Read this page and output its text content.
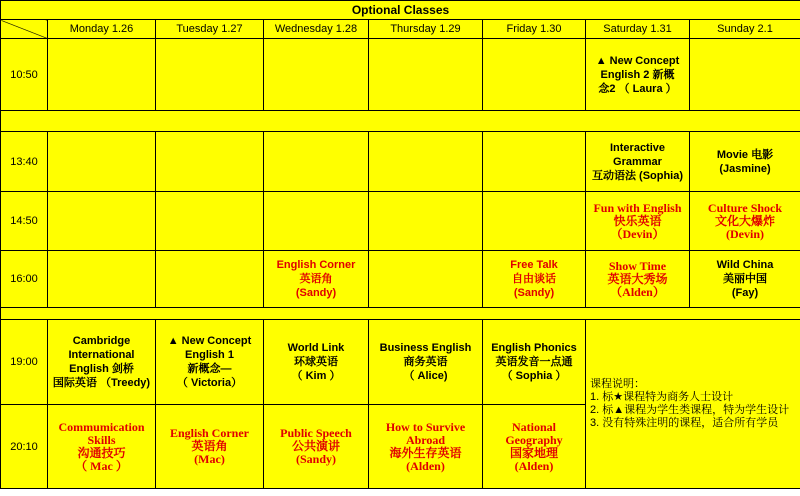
Optional Classes							
	Monday 1.26	Tuesday 1.27	Wednesday 1.28	Thursday 1.29	Friday 1.30	Saturday 1.31	Sunday 2.1
10:50						▲ New Concept
English 2 新概
念2 （ Laura ）	

13:40						Interactive
Grammar
互动语法 (Sophia)	Movie 电影
(Jasmine)

14:50						Fun with English
快乐英语
（Devin）	Culture Shock
文化大爆炸
(Devin)

16:00			English Corner
英语角
(Sandy)		Free Talk
自由谈话
(Sandy)	Show Time
英语大秀场
（Alden）	Wild China
美丽中国
(Fay)

19:00	Cambridge
International
English 剑桥
国际英语 （Treedy)	▲ New Concept
English 1
新概念—
（ Victoria）	World Link
环球英语
（ Kim ）	Business English
商务英语
（ Alice)	English Phonics
英语发音一点通
（ Sophia ）	课程说明：
1. 标★课程特为商务人士设计
2. 标▲课程为学生类课程，特为学生设计
3. 没有特殊注明的课程，适合所有学员	

20:10	Commumication
Skills
沟通技巧
（ Mac ）	English Corner
英语角
(Mac)	Public Speech
公共演讲
(Sandy)	How to Survive
Abroad
海外生存英语
(Alden)	National
Geography
国家地理
(Alden)		
